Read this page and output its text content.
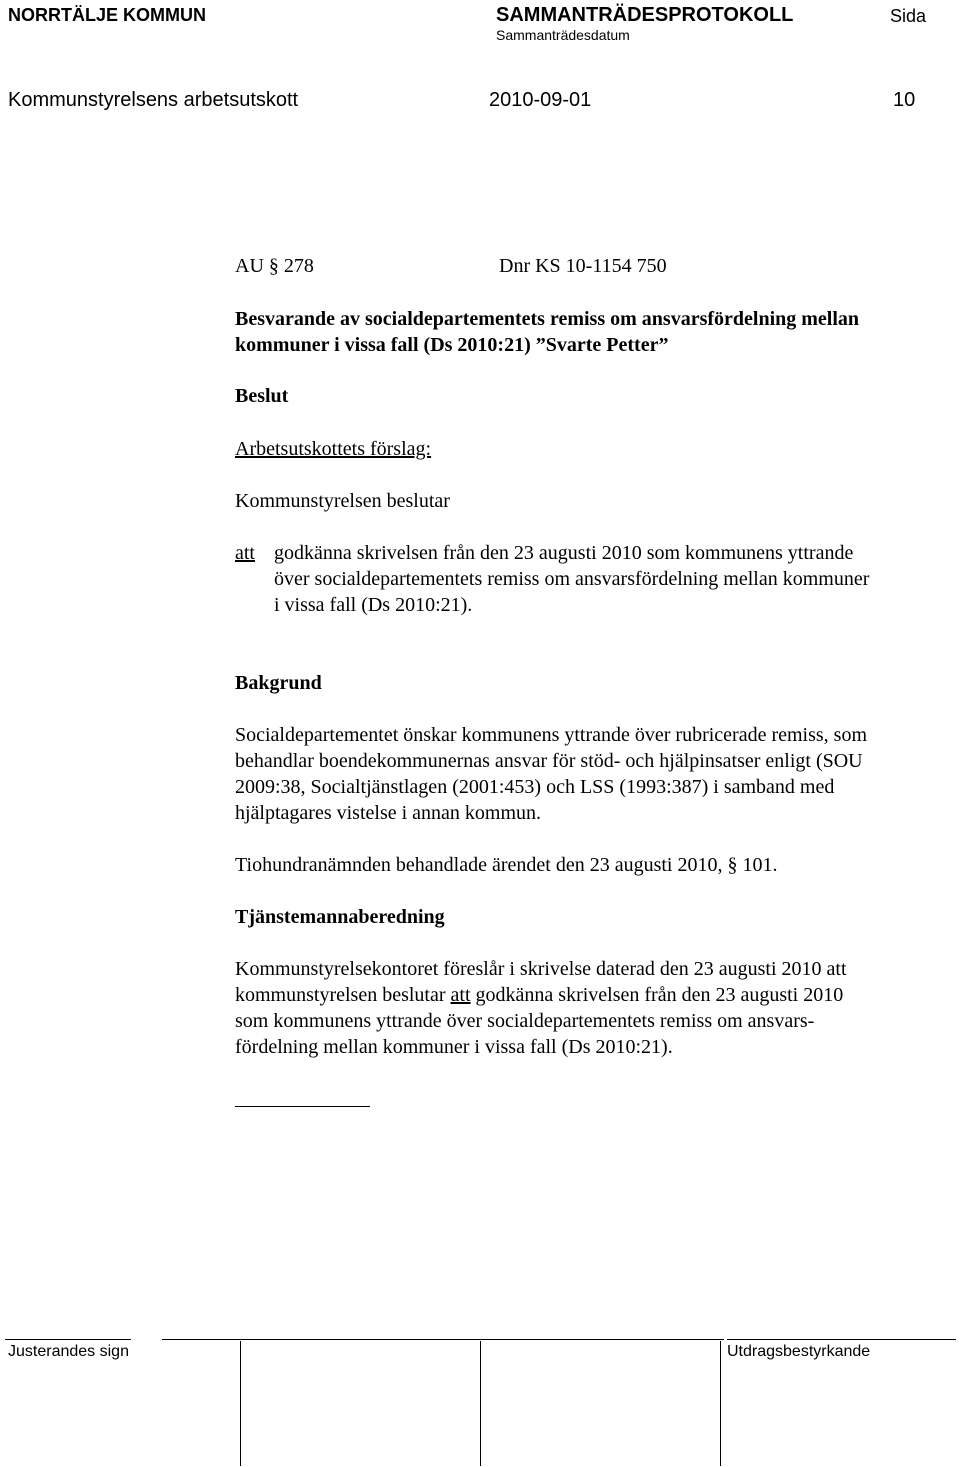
NORRTÄLJE KOMMUN	SAMMANTRÄDESPROTOKOLL
Sammanträdesdatum
Sida
Kommunstyrelsens arbetsutskott	2010-09-01	10
AU § 278	Dnr KS 10-1154 750
Besvarande av socialdepartementets remiss om ansvarsfördelning mellan
kommuner i vissa fall (Ds 2010:21) ”Svarte Petter”
Beslut
Arbetsutskottets förslag:
Kommunstyrelsen beslutar
att godkänna skrivelsen från den 23 augusti 2010 som kommunens yttrande
över socialdepartementets remiss om ansvarsfördelning mellan kommuner
i vissa fall (Ds 2010:21).
Bakgrund
Socialdepartementet önskar kommunens yttrande över rubricerade remiss, som
behandlar boendekommunernas ansvar för stöd- och hjälpinsatser enligt (SOU
2009:38, Socialtjänstlagen (2001:453) och LSS (1993:387) i samband med
hjälptagares vistelse i annan kommun.
Tiohundranämnden behandlade ärendet den 23 augusti 2010, § 101.
Tjänstemannaberedning
Kommunstyrelsekontoret föreslår i skrivelse daterad den 23 augusti 2010 att
kommunstyrelsen beslutar att godkänna skrivelsen från den 23 augusti 2010
som kommunens yttrande över socialdepartementets remiss om ansvars-
fördelning mellan kommuner i vissa fall (Ds 2010:21).
Justerandes sign	Utdragsbestyrkande
